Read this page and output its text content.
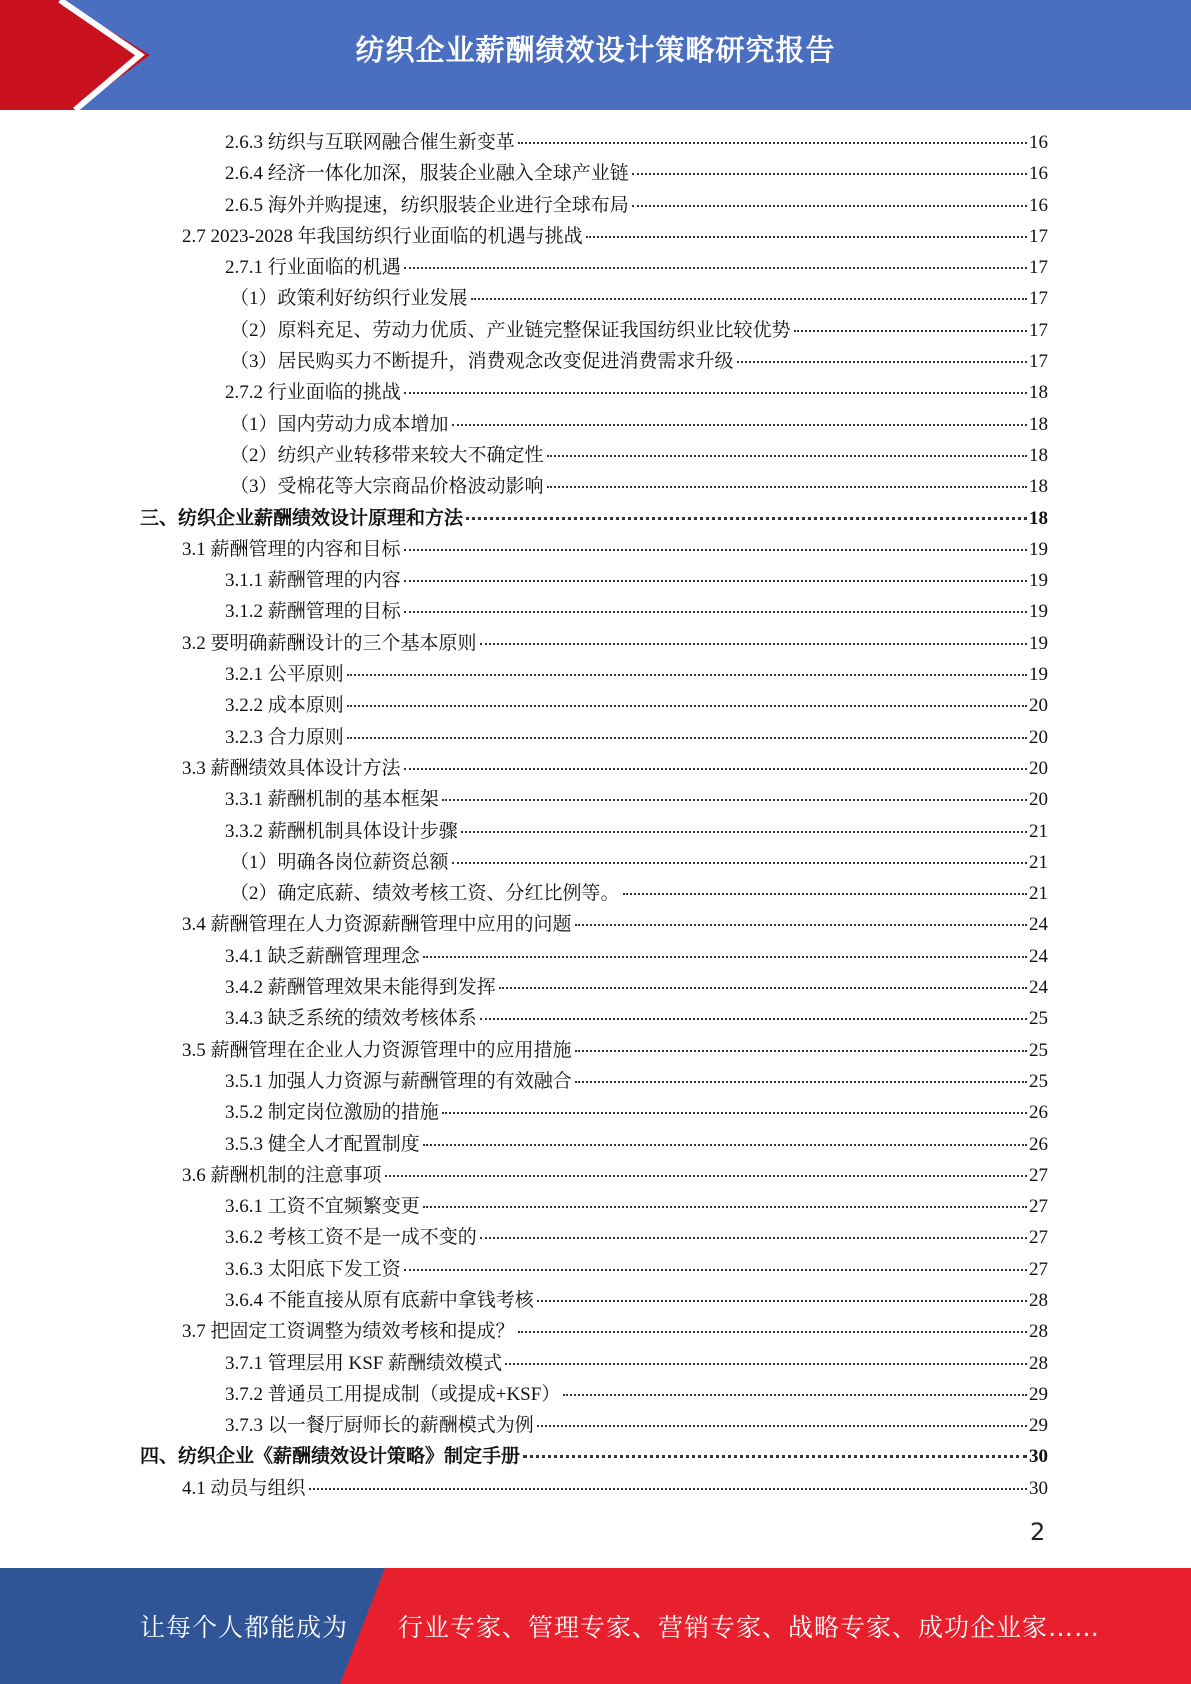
纺织企业薪酬绩效设计策略研究报告
2.6.3 纺织与互联网融合催生新变革	16
2.6.4 经济一体化加深，服装企业融入全球产业链	16
2.6.5 海外并购提速，纺织服装企业进行全球布局	16
2.7 2023-2028 年我国纺织行业面临的机遇与挑战	17
2.7.1 行业面临的机遇	17
（1）政策利好纺织行业发展	17
（2）原料充足、劳动力优质、产业链完整保证我国纺织业比较优势	17
（3）居民购买力不断提升，消费观念改变促进消费需求升级	17
2.7.2 行业面临的挑战	18
（1）国内劳动力成本增加	18
（2）纺织产业转移带来较大不确定性	18
（3）受棉花等大宗商品价格波动影响	18
三、纺织企业薪酬绩效设计原理和方法	18
3.1 薪酬管理的内容和目标	19
3.1.1 薪酬管理的内容	19
3.1.2 薪酬管理的目标	19
3.2 要明确薪酬设计的三个基本原则	19
3.2.1 公平原则	19
3.2.2 成本原则	20
3.2.3 合力原则	20
3.3 薪酬绩效具体设计方法	20
3.3.1 薪酬机制的基本框架	20
3.3.2 薪酬机制具体设计步骤	21
（1）明确各岗位薪资总额	21
（2）确定底薪、绩效考核工资、分红比例等。	21
3.4 薪酬管理在人力资源薪酬管理中应用的问题	24
3.4.1 缺乏薪酬管理理念	24
3.4.2 薪酬管理效果未能得到发挥	24
3.4.3 缺乏系统的绩效考核体系	25
3.5 薪酬管理在企业人力资源管理中的应用措施	25
3.5.1 加强人力资源与薪酬管理的有效融合	25
3.5.2 制定岗位激励的措施	26
3.5.3 健全人才配置制度	26
3.6 薪酬机制的注意事项	27
3.6.1 工资不宜频繁变更	27
3.6.2 考核工资不是一成不变的	27
3.6.3 太阳底下发工资	27
3.6.4 不能直接从原有底薪中拿钱考核	28
3.7 把固定工资调整为绩效考核和提成？	28
3.7.1 管理层用 KSF 薪酬绩效模式	28
3.7.2 普通员工用提成制（或提成+KSF）	29
3.7.3 以一餐厅厨师长的薪酬模式为例	29
四、纺织企业《薪酬绩效设计策略》制定手册	30
4.1 动员与组织	30
2
让每个人都能成为 行业专家、管理专家、营销专家、战略专家、成功企业家……
